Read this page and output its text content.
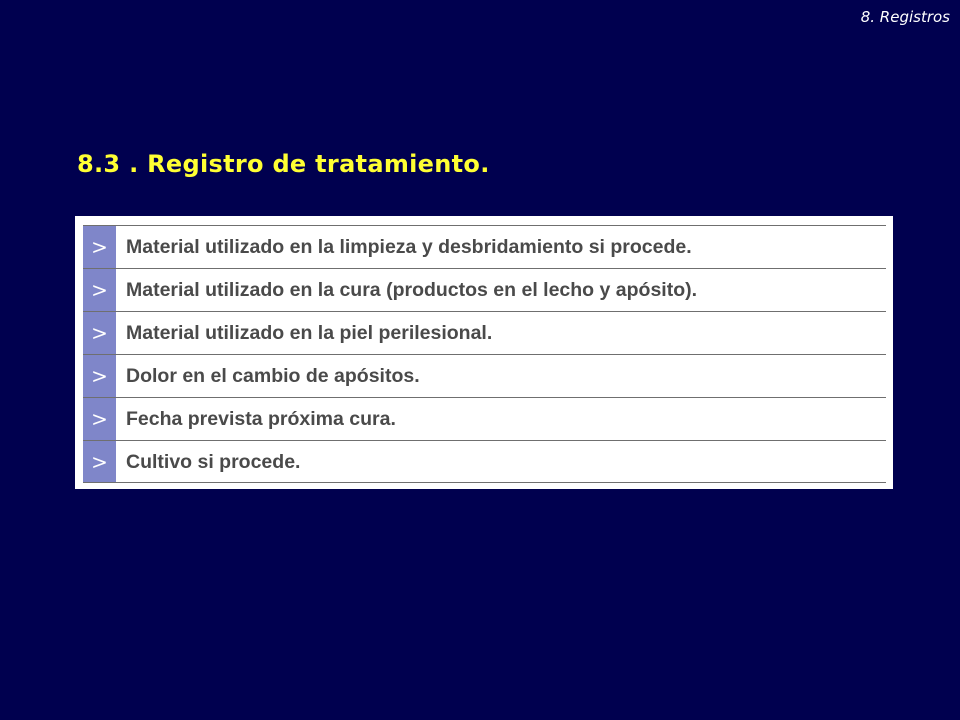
8. Registros
8.3 . Registro de tratamiento.
> Material utilizado en la limpieza y desbridamiento si procede.
> Material utilizado en la cura (productos en el lecho y apósito).
> Material utilizado en la piel perilesional.
> Dolor en el cambio de apósitos.
> Fecha prevista próxima cura.
> Cultivo si procede.
